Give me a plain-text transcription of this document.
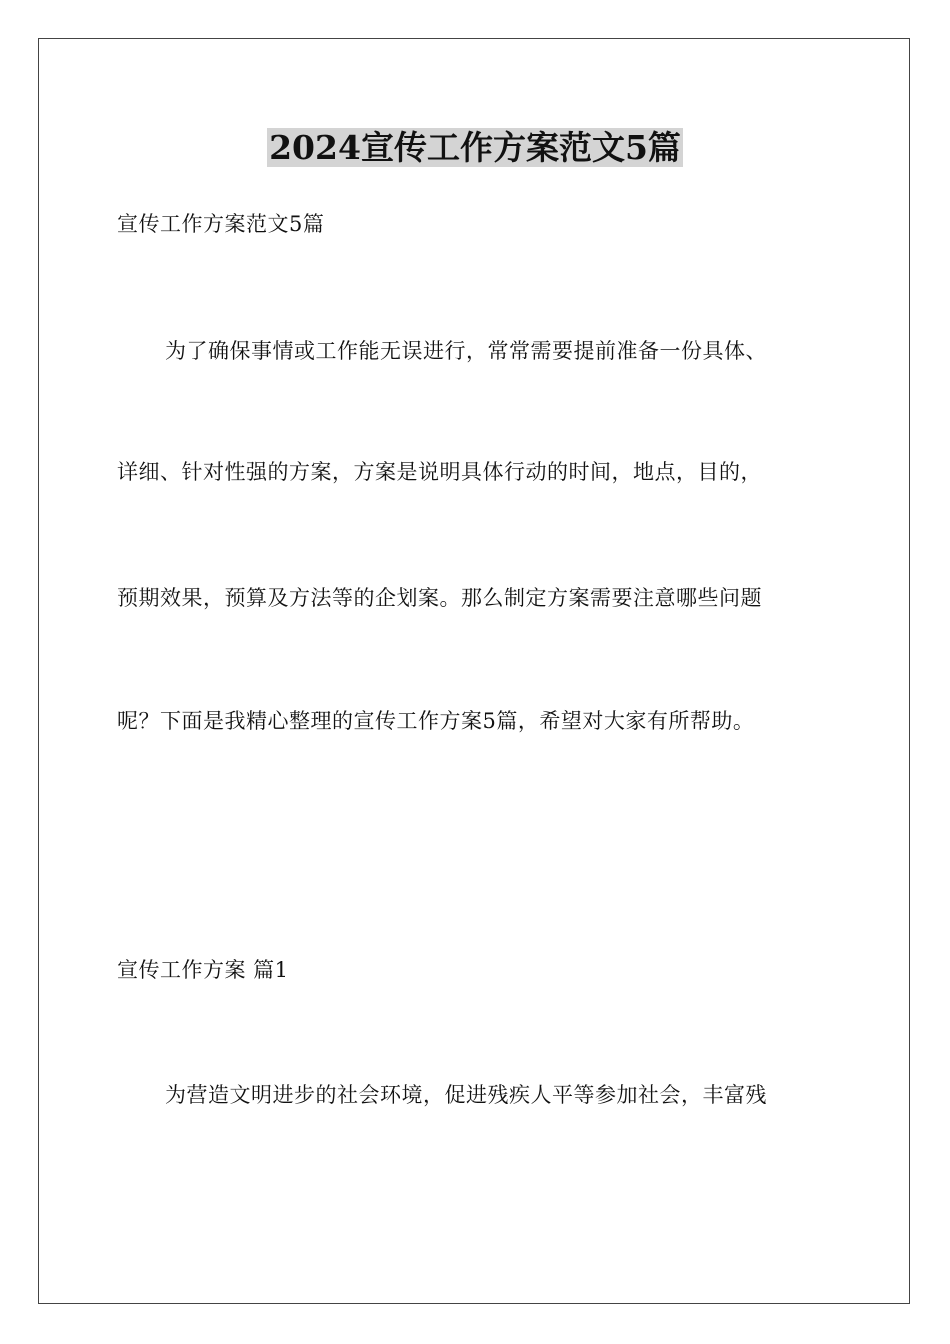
2024宣传工作方案范文5篇
宣传工作方案范文5篇
为了确保事情或工作能无误进行，常常需要提前准备一份具体、
详细、针对性强的方案，方案是说明具体行动的时间，地点，目的，
预期效果，预算及方法等的企划案。那么制定方案需要注意哪些问题
呢？下面是我精心整理的宣传工作方案5篇，希望对大家有所帮助。
宣传工作方案 篇1
为营造文明进步的社会环境，促进残疾人平等参加社会，丰富残
